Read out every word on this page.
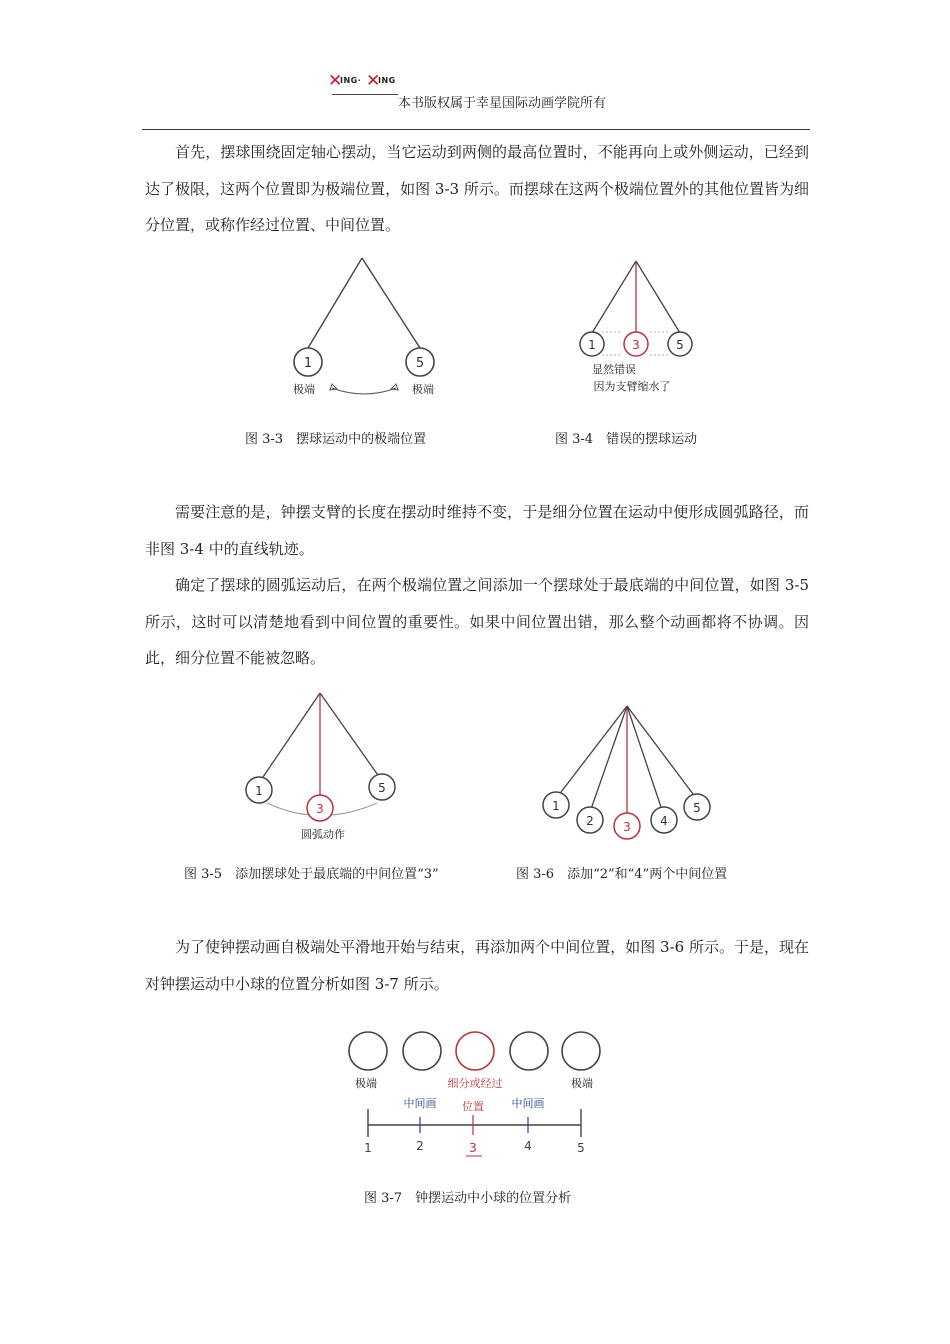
✕
ING· ✕
ING
本书版权属于幸星国际动画学院所有

首先，摆球围绕固定轴心摆动，当它运动到两侧的最高位置时，不能再向上或外侧运动，已经到达了极限，这两个位置即为极端位置，如图 3-3 所示。而摆球在这两个极端位置外的其他位置皆为细分位置，或称作经过位置、中间位置。

1	5
极端	极端
图 3-3　摆球运动中的极端位置
1	3	5
显然错误
因为支臂缩水了
图 3-4　错误的摆球运动

需要注意的是，钟摆支臂的长度在摆动时维持不变，于是细分位置在运动中便形成圆弧路径，而非图 3-4 中的直线轨迹。

确定了摆球的圆弧运动后，在两个极端位置之间添加一个摆球处于最底端的中间位置，如图 3-5 所示，这时可以清楚地看到中间位置的重要性。如果中间位置出错，那么整个动画都将不协调。因此，细分位置不能被忽略。

1
3
5
圆弧动作
图 3-5　添加摆球处于最底端的中间位置“3”
1
2 3 4
5
图 3-6　添加“2”和“4”两个中间位置

为了使钟摆动画自极端处平滑地开始与结束，再添加两个中间位置，如图 3-6 所示。于是，现在对钟摆运动中小球的位置分析如图 3-7 所示。

极端	细分或经过	极端
中间画 位置	中间画
1	2	3	4	5
图 3-7　钟摆运动中小球的位置分析
